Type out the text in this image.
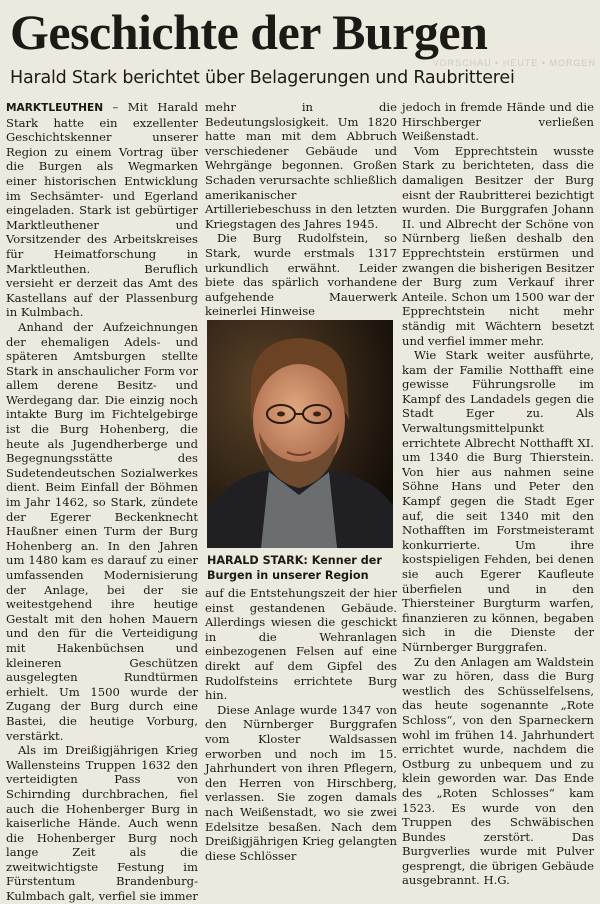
Geschichte der Burgen
VORSCHAU • HEUTE • MORGEN
Harald Stark berichtet über Belagerungen und Raubritterei

MARKTLEUTHEN – Mit Harald Stark hatte ein exzellenter Geschichtskenner unserer Region zu einem Vortrag über die Burgen als Wegmarken einer historischen Entwicklung im Sechsämter- und Egerland eingeladen. Stark ist gebürtiger Marktleuthener und Vorsitzender des Arbeitskreises für Heimatforschung in Marktleuthen. Beruflich versieht er derzeit das Amt des Kastellans auf der Plassenburg in Kulmbach.

Anhand der Aufzeichnungen der ehemaligen Adels- und späteren Amtsburgen stellte Stark in anschaulicher Form vor allem derene Besitz- und Werdegang dar. Die einzig noch intakte Burg im Fichtelgebirge ist die Burg Hohenberg, die heute als Jugendherberge und Begegnungsstätte des Sudetendeutschen Sozialwerkes dient. Beim Einfall der Böhmen im Jahr 1462, so Stark, zündete der Egerer Beckenknecht Haußner einen Turm der Burg Hohenberg an. In den Jahren um 1480 kam es darauf zu einer umfassenden Modernisierung der Anlage, bei der sie weitestgehend ihre heutige Gestalt mit den hohen Mauern und den für die Verteidigung mit Hakenbüchsen und kleineren Geschützen ausgelegten Rundtürmen erhielt. Um 1500 wurde der Zugang der Burg durch eine Bastei, die heutige Vorburg, verstärkt.

Als im Dreißigjährigen Krieg Wallensteins Truppen 1632 den verteidigten Pass von Schirnding durchbrachen, fiel auch die Hohenberger Burg in kaiserliche Hände. Auch wenn die Hohenberger Burg noch lange Zeit als die zweitwichtigste Festung im Fürstentum Brandenburg-Kulmbach galt, verfiel sie immer

mehr in die Bedeutungslosigkeit. Um 1820 hatte man mit dem Abbruch verschiedener Gebäude und Wehrgänge begonnen. Großen Schaden verursachte schließlich amerikanischer Artilleriebeschuss in den letzten Kriegstagen des Jahres 1945.

Die Burg Rudolfstein, so Stark, wurde erstmals 1317 urkundlich erwähnt. Leider biete das spärlich vorhandene aufgehende Mauerwerk keinerlei Hinweise

HARALD STARK: Kenner der Burgen in unserer Region

auf die Entstehungszeit der hier einst gestandenen Gebäude. Allerdings wiesen die geschickt in die Wehranlagen einbezogenen Felsen auf eine direkt auf dem Gipfel des Rudolfsteins errichtete Burg hin.

Diese Anlage wurde 1347 von den Nürnberger Burggrafen vom Kloster Waldsassen erworben und noch im 15. Jahrhundert von ihren Pflegern, den Herren von Hirschberg, verlassen. Sie zogen damals nach Weißenstadt, wo sie zwei Edelsitze besaßen. Nach dem Dreißigjährigen Krieg gelangten diese Schlösser

jedoch in fremde Hände und die Hirschberger verließen Weißenstadt.

Vom Epprechtstein wusste Stark zu berichteten, dass die damaligen Besitzer der Burg eisnt der Raubritterei bezichtigt wurden. Die Burggrafen Johann II. und Albrecht der Schöne von Nürnberg ließen deshalb den Epprechtstein erstürmen und zwangen die bisherigen Besitzer der Burg zum Verkauf ihrer Anteile. Schon um 1500 war der Epprechtstein nicht mehr ständig mit Wächtern besetzt und verfiel immer mehr.

Wie Stark weiter ausführte, kam der Familie Notthafft eine gewisse Führungsrolle im Kampf des Landadels gegen die Stadt Eger zu. Als Verwaltungsmittelpunkt errichtete Albrecht Notthafft XI. um 1340 die Burg Thierstein. Von hier aus nahmen seine Söhne Hans und Peter den Kampf gegen die Stadt Eger auf, die seit 1340 mit den Nothafften im Forstmeisteramt konkurrierte. Um ihre kostspieligen Fehden, bei denen sie auch Egerer Kaufleute überfielen und in den Thiersteiner Burgturm warfen, finanzieren zu können, begaben sich in die Dienste der Nürnberger Burggrafen.

Zu den Anlagen am Waldstein war zu hören, dass die Burg westlich des Schüsselfelsens, das heute sogenannte „Rote Schloss“, von den Sparneckern wohl im frühen 14. Jahrhundert errichtet wurde, nachdem die Ostburg zu unbequem und zu klein geworden war. Das Ende des „Roten Schlosses“ kam 1523. Es wurde von den Truppen des Schwäbischen Bundes zerstört. Das Burgverlies wurde mit Pulver gesprengt, die übrigen Gebäude ausgebrannt. H.G.
